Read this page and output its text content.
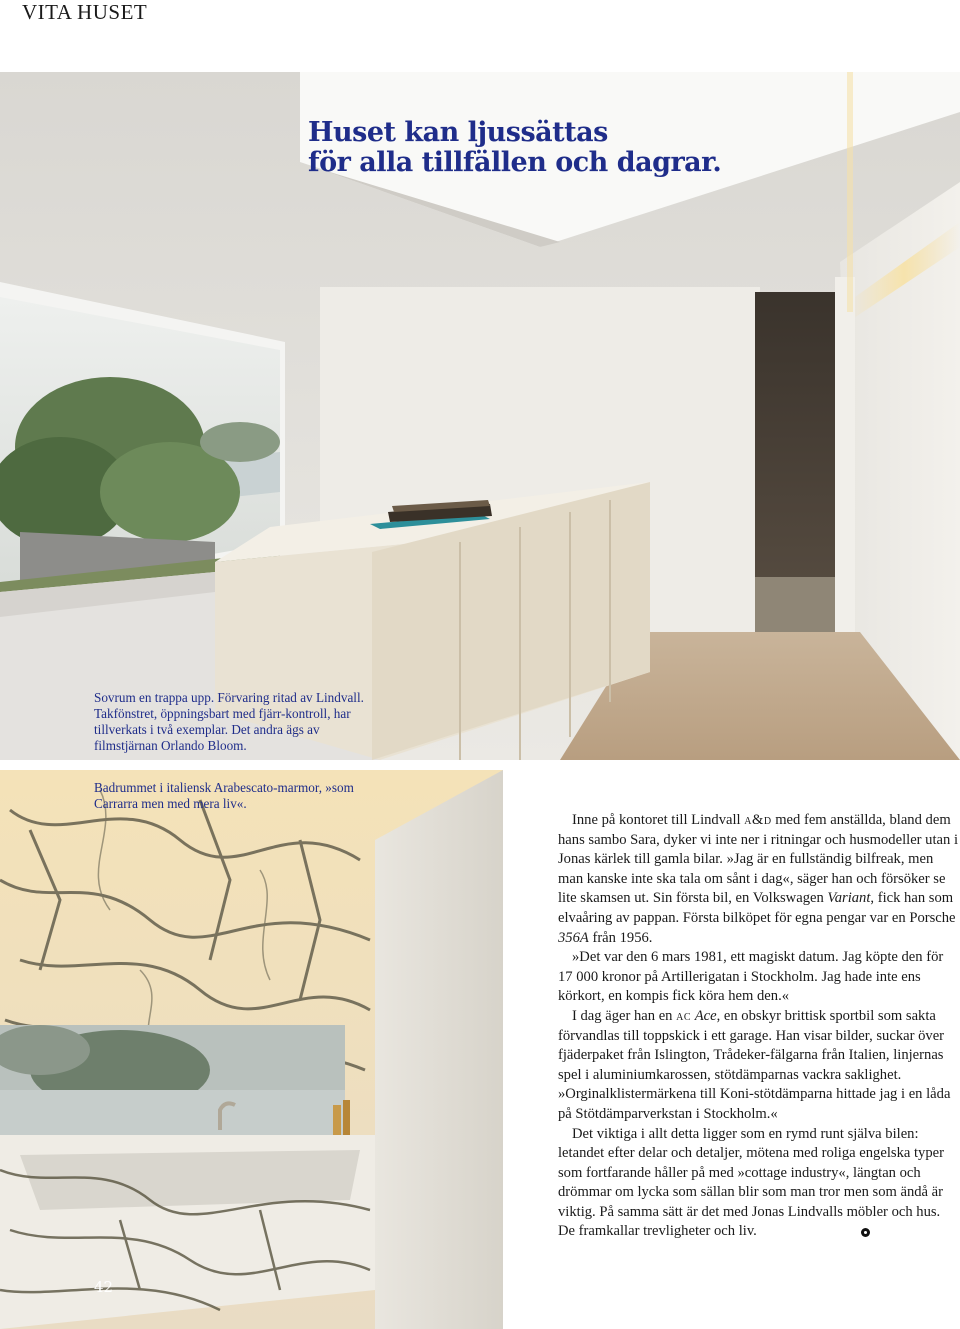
VITA HUSET
Huset kan ljussättas
för alla tillfällen och dagrar.
Sovrum en trappa upp. Förvaring ritad av Lindvall. Takfönstret, öppningsbart med fjärr-kontroll, har tillverkats i två exemplar. Det andra ägs av filmstjärnan Orlando Bloom.
Badrummet i italiensk Arabescato-marmor, »som Carrarra men med mera liv«.
42

Inne på kontoret till Lindvall a&d med fem anställda, bland dem hans sambo Sara, dyker vi inte ner i ritningar och husmodeller utan i Jonas kärlek till gamla bilar. »Jag är en fullständig bilfreak, men man kanske inte ska tala om sånt i dag«, säger han och försöker se lite skamsen ut. Sin första bil, en Volkswagen Variant, fick han som elvaåring av pappan. Första bilköpet för egna pengar var en Porsche 356A från 1956.

»Det var den 6 mars 1981, ett magiskt datum. Jag köpte den för 17 000 kronor på Artillerigatan i Stockholm. Jag hade inte ens körkort, en kompis fick köra hem den.«

I dag äger han en ac Ace, en obskyr brittisk sportbil som sakta förvandlas till toppskick i ett garage. Han visar bilder, suckar över fjäderpaket från Islington, Trådeker-fälgarna från Italien, linjernas spel i aluminiumkarossen, stötdämparnas vackra saklighet. »Orginalklistermärkena till Koni-stötdämparna hittade jag i en låda på Stötdämparverkstan i Stockholm.«

Det viktiga i allt detta ligger som en rymd runt själva bilen: letandet efter delar och detaljer, mötena med roliga engelska typer som fortfarande håller på med »cottage industry«, längtan och drömmar om lycka som sällan blir som man tror men som ändå är viktig. På samma sätt är det med Jonas Lindvalls möbler och hus. De framkallar trevligheter och liv.
